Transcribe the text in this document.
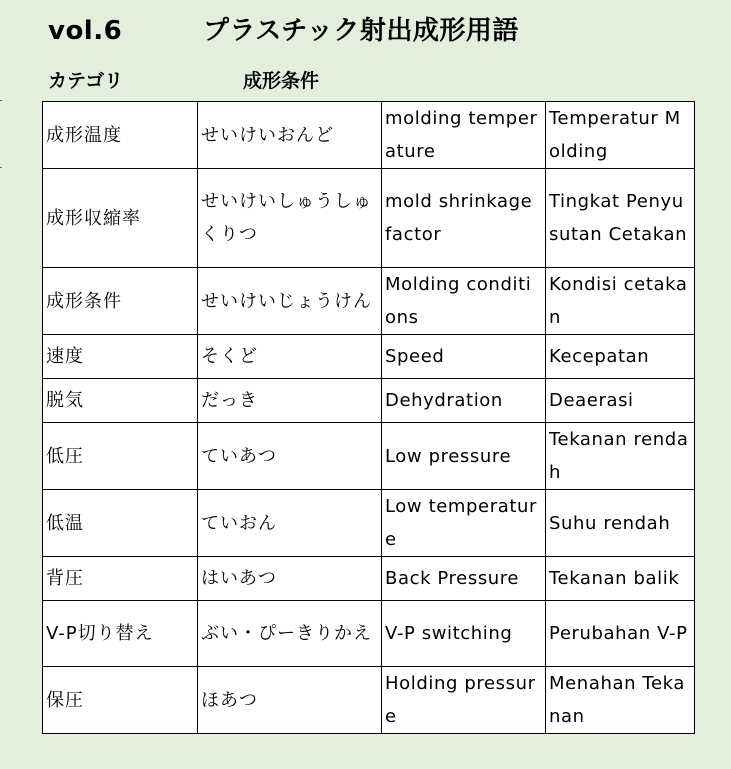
vol.6	プラスチック射出成形用語
カテゴリ	成形条件
成形温度	せいけいおんど	molding temperature	Temperatur Molding
成形収縮率	せいけいしゅうしゅくりつ	mold shrinkage factor	Tingkat Penyusutan Cetakan
成形条件	せいけいじょうけん	Molding conditions	Kondisi cetakan
速度	そくど	Speed	Kecepatan
脱気	だっき	Dehydration	Deaerasi
低圧	ていあつ	Low pressure	Tekanan rendah
低温	ていおん	Low temperature	Suhu rendah
背圧	はいあつ	Back Pressure	Tekanan balik
V-P切り替え	ぶい・ぴーきりかえ	V-P switching	Perubahan V-P
保圧	ほあつ	Holding pressure	Menahan Tekanan
